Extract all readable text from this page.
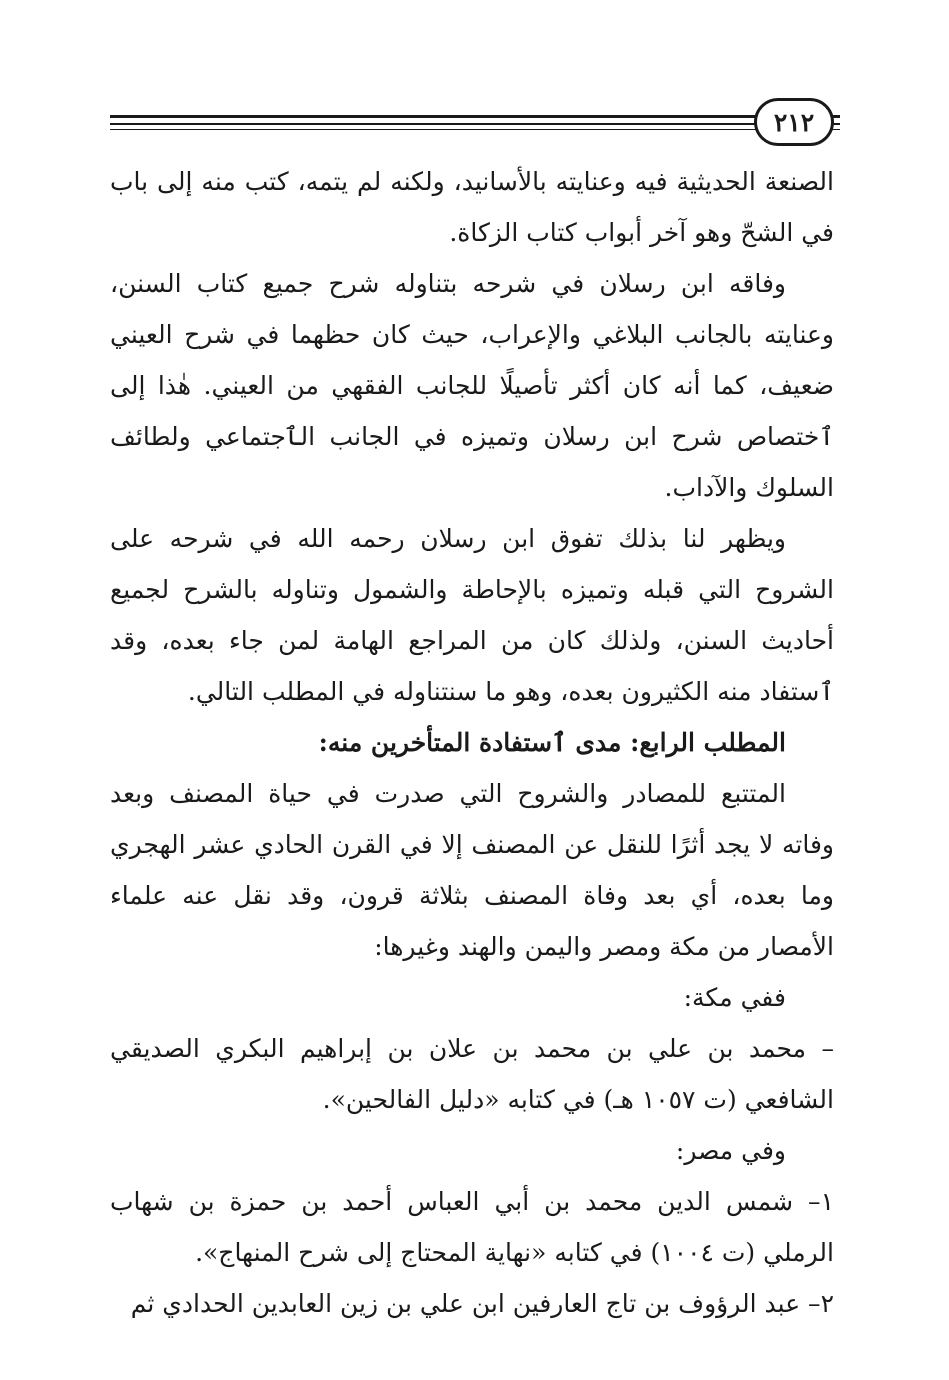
٢١٢

الصنعة الحديثية فيه وعنايته بالأسانيد، ولكنه لم يتمه، كتب منه إلى باب في الشحّ وهو آخر أبواب كتاب الزكاة.

وفاقه ابن رسلان في شرحه بتناوله شرح جميع كتاب السنن، وعنايته بالجانب البلاغي والإعراب، حيث كان حظهما في شرح العيني ضعيف، كما أنه كان أكثر تأصيلًا للجانب الفقهي من العيني. هٰذا إلى ٱختصاص شرح ابن رسلان وتميزه في الجانب الٱجتماعي ولطائف السلوك والآداب.

ويظهر لنا بذلك تفوق ابن رسلان رحمه الله في شرحه على الشروح التي قبله وتميزه بالإحاطة والشمول وتناوله بالشرح لجميع أحاديث السنن، ولذلك كان من المراجع الهامة لمن جاء بعده، وقد ٱستفاد منه الكثيرون بعده، وهو ما سنتناوله في المطلب التالي.

المطلب الرابع: مدى ٱستفادة المتأخرين منه:

المتتبع للمصادر والشروح التي صدرت في حياة المصنف وبعد وفاته لا يجد أثرًا للنقل عن المصنف إلا في القرن الحادي عشر الهجري وما بعده، أي بعد وفاة المصنف بثلاثة قرون، وقد نقل عنه علماء الأمصار من مكة ومصر واليمن والهند وغيرها:

ففي مكة:

– محمد بن علي بن محمد بن علان بن إبراهيم البكري الصديقي الشافعي (ت ١٠٥٧ هـ) في كتابه «دليل الفالحين».

وفي مصر:

١– شمس الدين محمد بن أبي العباس أحمد بن حمزة بن شهاب الرملي (ت ١٠٠٤) في كتابه «نهاية المحتاج إلى شرح المنهاج».

٢– عبد الرؤوف بن تاج العارفين ابن علي بن زين العابدين الحدادي ثم
